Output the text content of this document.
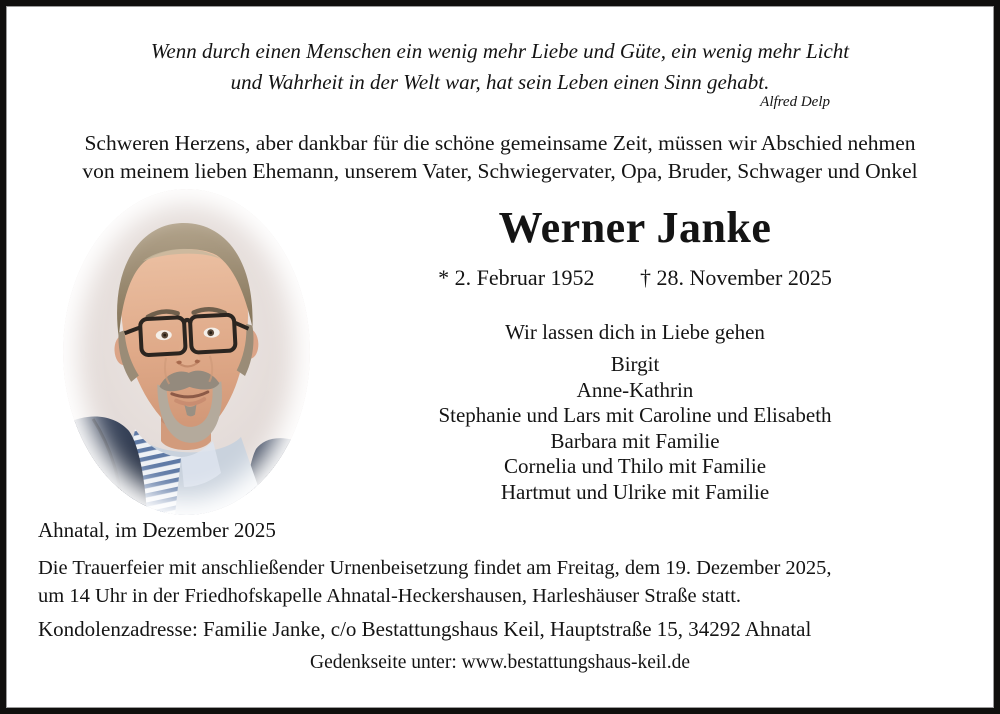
Wenn durch einen Menschen ein wenig mehr Liebe und Güte, ein wenig mehr Licht
und Wahrheit in der Welt war, hat sein Leben einen Sinn gehabt.
Alfred Delp
Schweren Herzens, aber dankbar für die schöne gemeinsame Zeit, müssen wir Abschied nehmen
von meinem lieben Ehemann, unserem Vater, Schwiegervater, Opa, Bruder, Schwager und Onkel
Werner Janke
* 2. Februar 1952 † 28. November 2025
Wir lassen dich in Liebe gehen
Birgit
Anne-Kathrin
Stephanie und Lars mit Caroline und Elisabeth
Barbara mit Familie
Cornelia und Thilo mit Familie
Hartmut und Ulrike mit Familie
Ahnatal, im Dezember 2025
Die Trauerfeier mit anschließender Urnenbeisetzung findet am Freitag, dem 19. Dezember 2025,
um 14 Uhr in der Friedhofskapelle Ahnatal-Heckershausen, Harleshäuser Straße statt.
Kondolenzadresse: Familie Janke, c/o Bestattungshaus Keil, Hauptstraße 15, 34292 Ahnatal
Gedenkseite unter: www.bestattungshaus-keil.de
